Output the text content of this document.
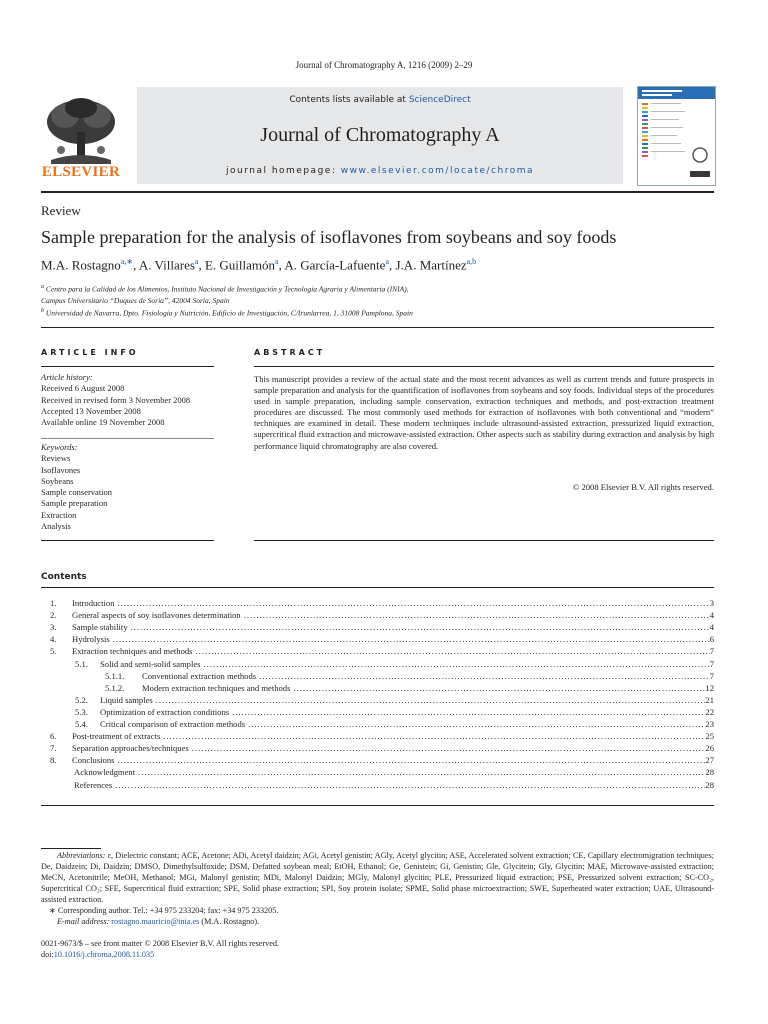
Journal of Chromatography A, 1216 (2009) 2–29
ELSEVIER
Contents lists available at ScienceDirect
Journal of Chromatography A
journal homepage: www.elsevier.com/locate/chroma
Review
Sample preparation for the analysis of isoflavones from soybeans and soy foods
M.A. Rostagno$^{a,∗}$, A. Villares$^a$, E. Guillamón$^a$, A. García-Lafuente$^a$, J.A. Martínez$^{a,b}$
$^a$ Centro para la Calidad de los Alimentos, Instituto Nacional de Investigación y Tecnología Agraria y Alimentaria (INIA),
Campus Universitario “Duques de Soria”, 42004 Soria, Spain
$^b$ Universidad de Navarra, Dpto. Fisiología y Nutrición, Edificio de Investigación, C/Irunlarrea, 1, 31008 Pamplona, Spain
ARTICLE INFO
Article history:
Received 6 August 2008
Received in revised form 3 November 2008
Accepted 13 November 2008
Available online 19 November 2008
Keywords:
Reviews
Isoflavones
Soybeans
Sample conservation
Sample preparation
Extraction
Analysis
ABSTRACT
This manuscript provides a review of the actual state and the most recent advances as well as current trends and future prospects in sample preparation and analysis for the quantification of isoflavones from soybeans and soy foods. Individual steps of the procedures used in sample preparation, including sample conservation, extraction techniques and methods, and post-extraction treatment procedures are discussed. The most commonly used methods for extraction of isoflavones with both conventional and “modern” techniques are examined in detail. These modern techniques include ultrasound-assisted extraction, pressurized liquid extraction, supercritical fluid extraction and microwave-assisted extraction. Other aspects such as stability during extraction and analysis by high performance liquid chromatography are also covered.
© 2008 Elsevier B.V. All rights reserved.
Contents
1. Introduction .....	3
2. General aspects of soy isoflavones determination .....	4
3. Sample stability .....	4
4. Hydrolysis .....	6
5. Extraction techniques and methods .....	7
5.1. Solid and semi-solid samples .....	7
5.1.1. Conventional extraction methods .....	7
5.1.2. Modern extraction techniques and methods .....	12
5.2. Liquid samples .....	21
5.3. Optimization of extraction conditions .....	22
5.4. Critical comparison of extraction methods .....	23
6. Post-treatment of extracts .....	25
7. Separation approaches/techniques .....	26
8. Conclusions .....	27
Acknowledgment .....	28
References .....	28
Abbreviations: ε, Dielectric constant; ACE, Acetone; ADi, Acetyl daidzin; AGi, Acetyl genistin; AGly, Acetyl glycitin; ASE, Accelerated solvent extraction; CE, Capillary electromigration techniques; De, Daidzein; Di, Daidzin; DMSO, Dimethylsulfoxide; DSM, Defatted soybean meal; EtOH, Ethanol; Ge, Genistein; Gi, Genistin; Gle, Glycitein; Gly, Glycitin; MAE, Microwave-assisted extraction; MeCN, Acetonitrile; MeOH, Methanol; MGi, Malonyl genistin; MDi, Malonyl Daidzin; MGly, Malonyl glycitin; PLE, Pressurized liquid extraction; PSE, Pressurized solvent extraction; SC-CO₂, Supercritical CO₂; SFE, Supercritical fluid extraction; SPE, Solid phase extraction; SPI, Soy protein isolate; SPME, Solid phase microextraction; SWE, Superheated water extraction; UAE, Ultrasound-assisted extraction.
∗ Corresponding author. Tel.: +34 975 233204; fax: +34 975 233205.
E-mail address: rostagno.mauricio@inia.es (M.A. Rostagno).
0021-9673/$ – see front matter © 2008 Elsevier B.V. All rights reserved.
doi:10.1016/j.chroma.2008.11.035
